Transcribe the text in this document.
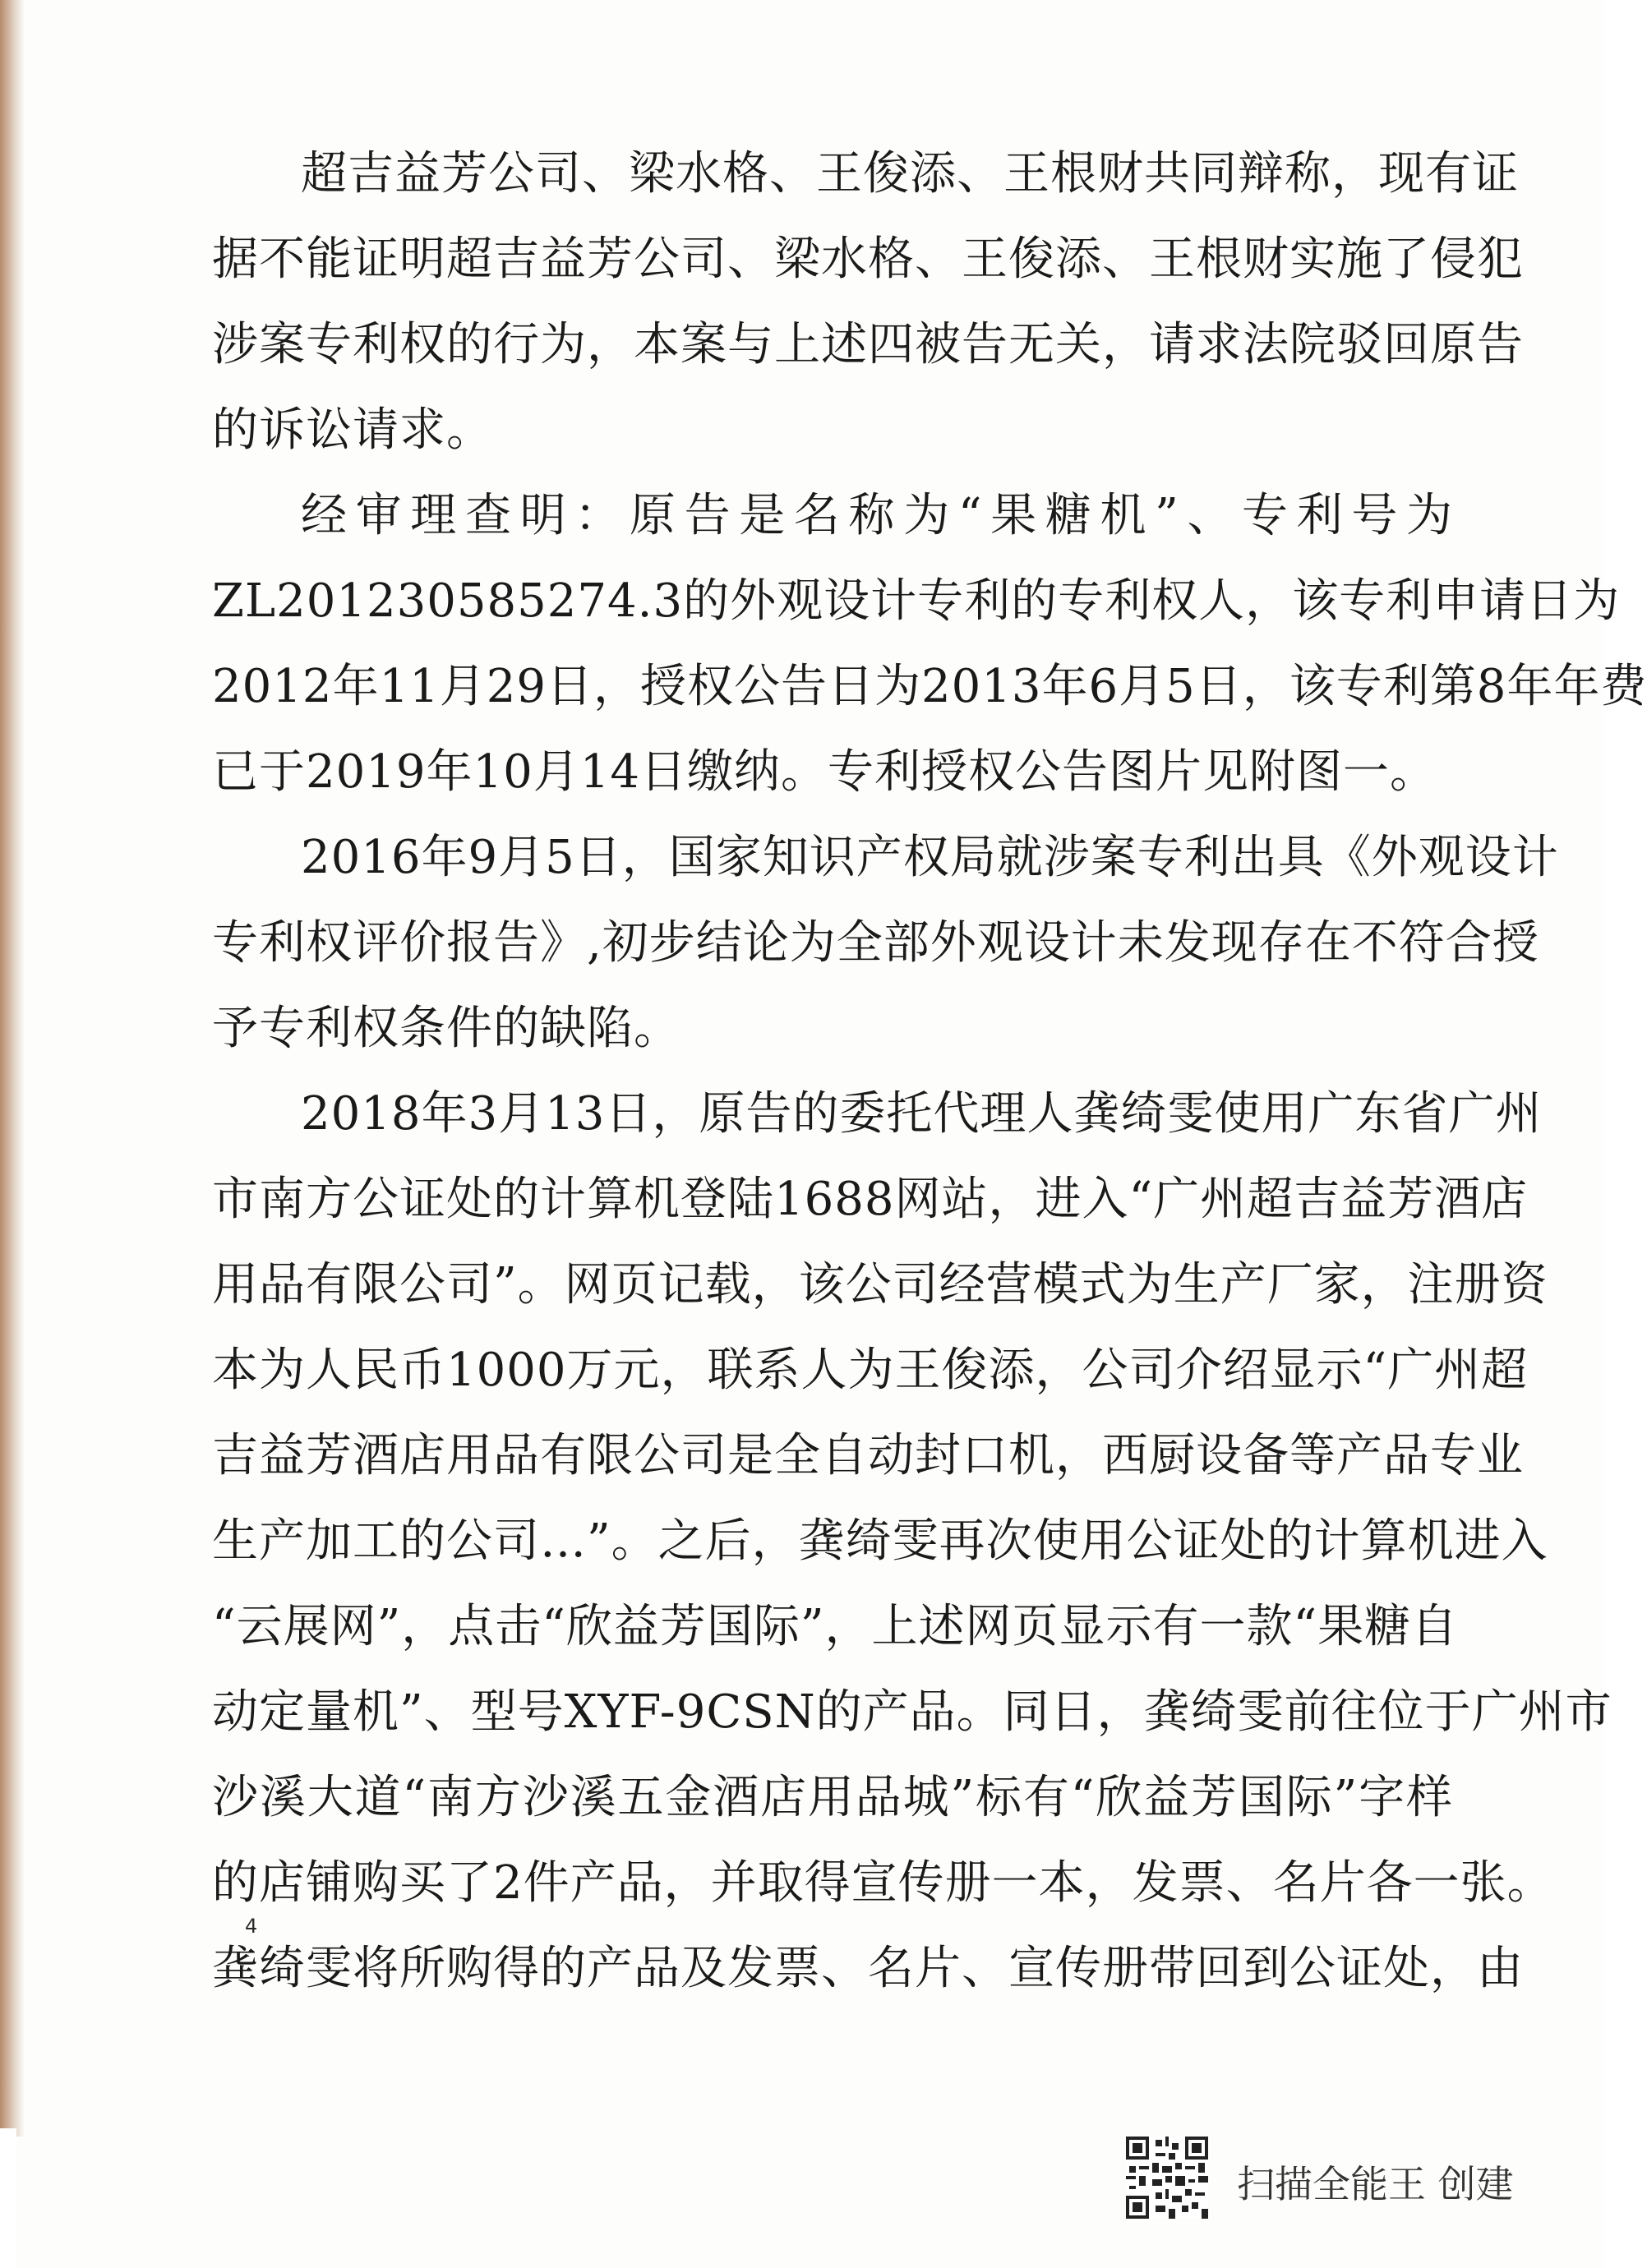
超吉益芳公司、梁水格、王俊添、王根财共同辩称，现有证
据不能证明超吉益芳公司、梁水格、王俊添、王根财实施了侵犯
涉案专利权的行为，本案与上述四被告无关，请求法院驳回原告
的诉讼请求。
经审理查明：原告是名称为“果糖机”、专利号为
ZL201230585274.3的外观设计专利的专利权人，该专利申请日为
2012年11月29日，授权公告日为2013年6月5日，该专利第8年年费
已于2019年10月14日缴纳。专利授权公告图片见附图一。
2016年9月5日，国家知识产权局就涉案专利出具《外观设计
专利权评价报告》,初步结论为全部外观设计未发现存在不符合授
予专利权条件的缺陷。
2018年3月13日，原告的委托代理人龚绮雯使用广东省广州
市南方公证处的计算机登陆1688网站，进入“广州超吉益芳酒店
用品有限公司”。网页记载，该公司经营模式为生产厂家，注册资
本为人民币1000万元，联系人为王俊添，公司介绍显示“广州超
吉益芳酒店用品有限公司是全自动封口机，西厨设备等产品专业
生产加工的公司…”。之后，龚绮雯再次使用公证处的计算机进入
“云展网”，点击“欣益芳国际”，上述网页显示有一款“果糖自
动定量机”、型号XYF-9CSN的产品。同日，龚绮雯前往位于广州市
沙溪大道“南方沙溪五金酒店用品城”标有“欣益芳国际”字样
的店铺购买了2件产品，并取得宣传册一本，发票、名片各一张。
龚绮雯将所购得的产品及发票、名片、宣传册带回到公证处，由
4
扫描全能王 创建
